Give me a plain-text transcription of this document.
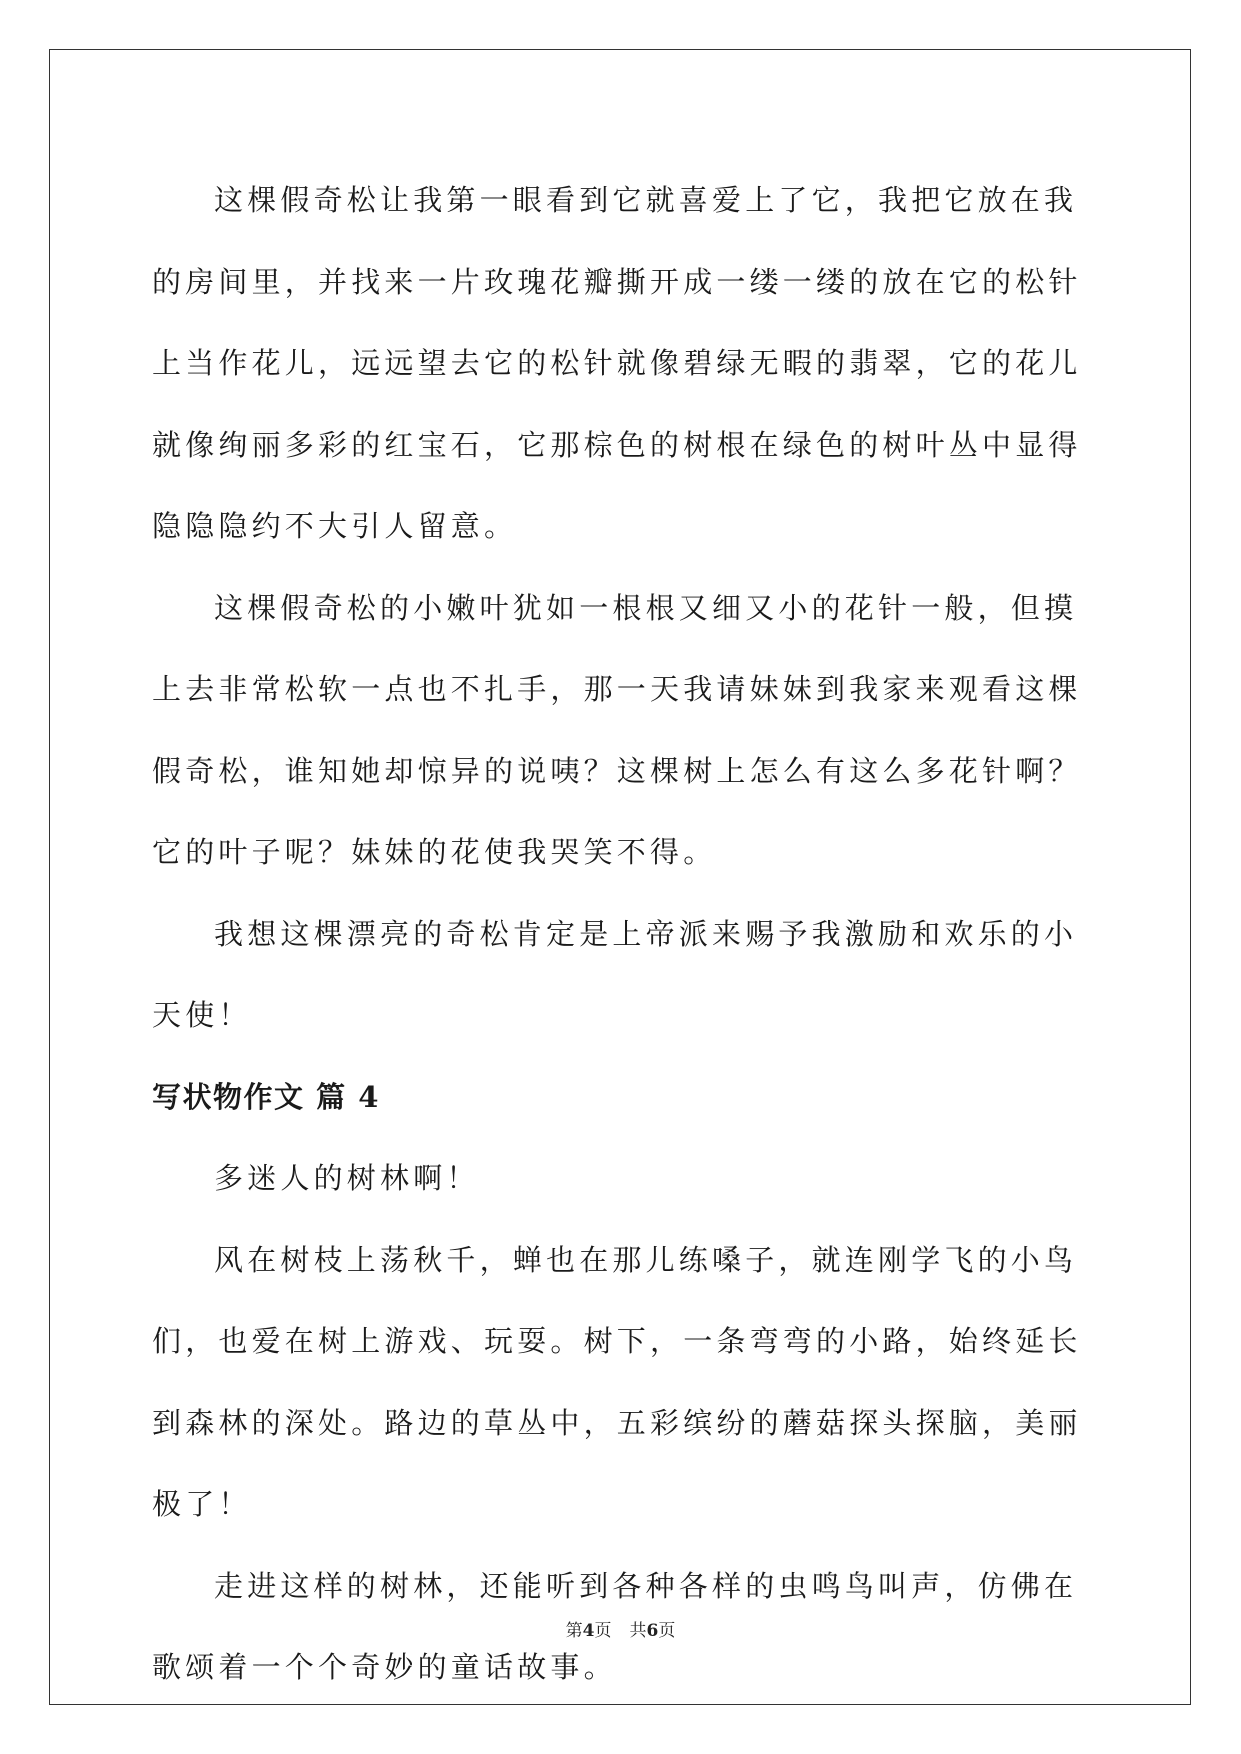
这棵假奇松让我第一眼看到它就喜爱上了它，我把它放在我的房间里，并找来一片玫瑰花瓣撕开成一缕一缕的放在它的松针上当作花儿，远远望去它的松针就像碧绿无暇的翡翠，它的花儿就像绚丽多彩的红宝石，它那棕色的树根在绿色的树叶丛中显得隐隐隐约不大引人留意。

这棵假奇松的小嫩叶犹如一根根又细又小的花针一般，但摸上去非常松软一点也不扎手，那一天我请妹妹到我家来观看这棵假奇松，谁知她却惊异的说咦？这棵树上怎么有这么多花针啊？它的叶子呢？妹妹的花使我哭笑不得。

我想这棵漂亮的奇松肯定是上帝派来赐予我激励和欢乐的小天使！

写状物作文 篇 4

多迷人的树林啊！

风在树枝上荡秋千，蝉也在那儿练嗓子，就连刚学飞的小鸟们，也爱在树上游戏、玩耍。树下，一条弯弯的小路，始终延长到森林的深处。路边的草丛中，五彩缤纷的蘑菇探头探脑，美丽极了！

走进这样的树林，还能听到各种各样的虫鸣鸟叫声，仿佛在歌颂着一个个奇妙的童话故事。

第4页 共6页
